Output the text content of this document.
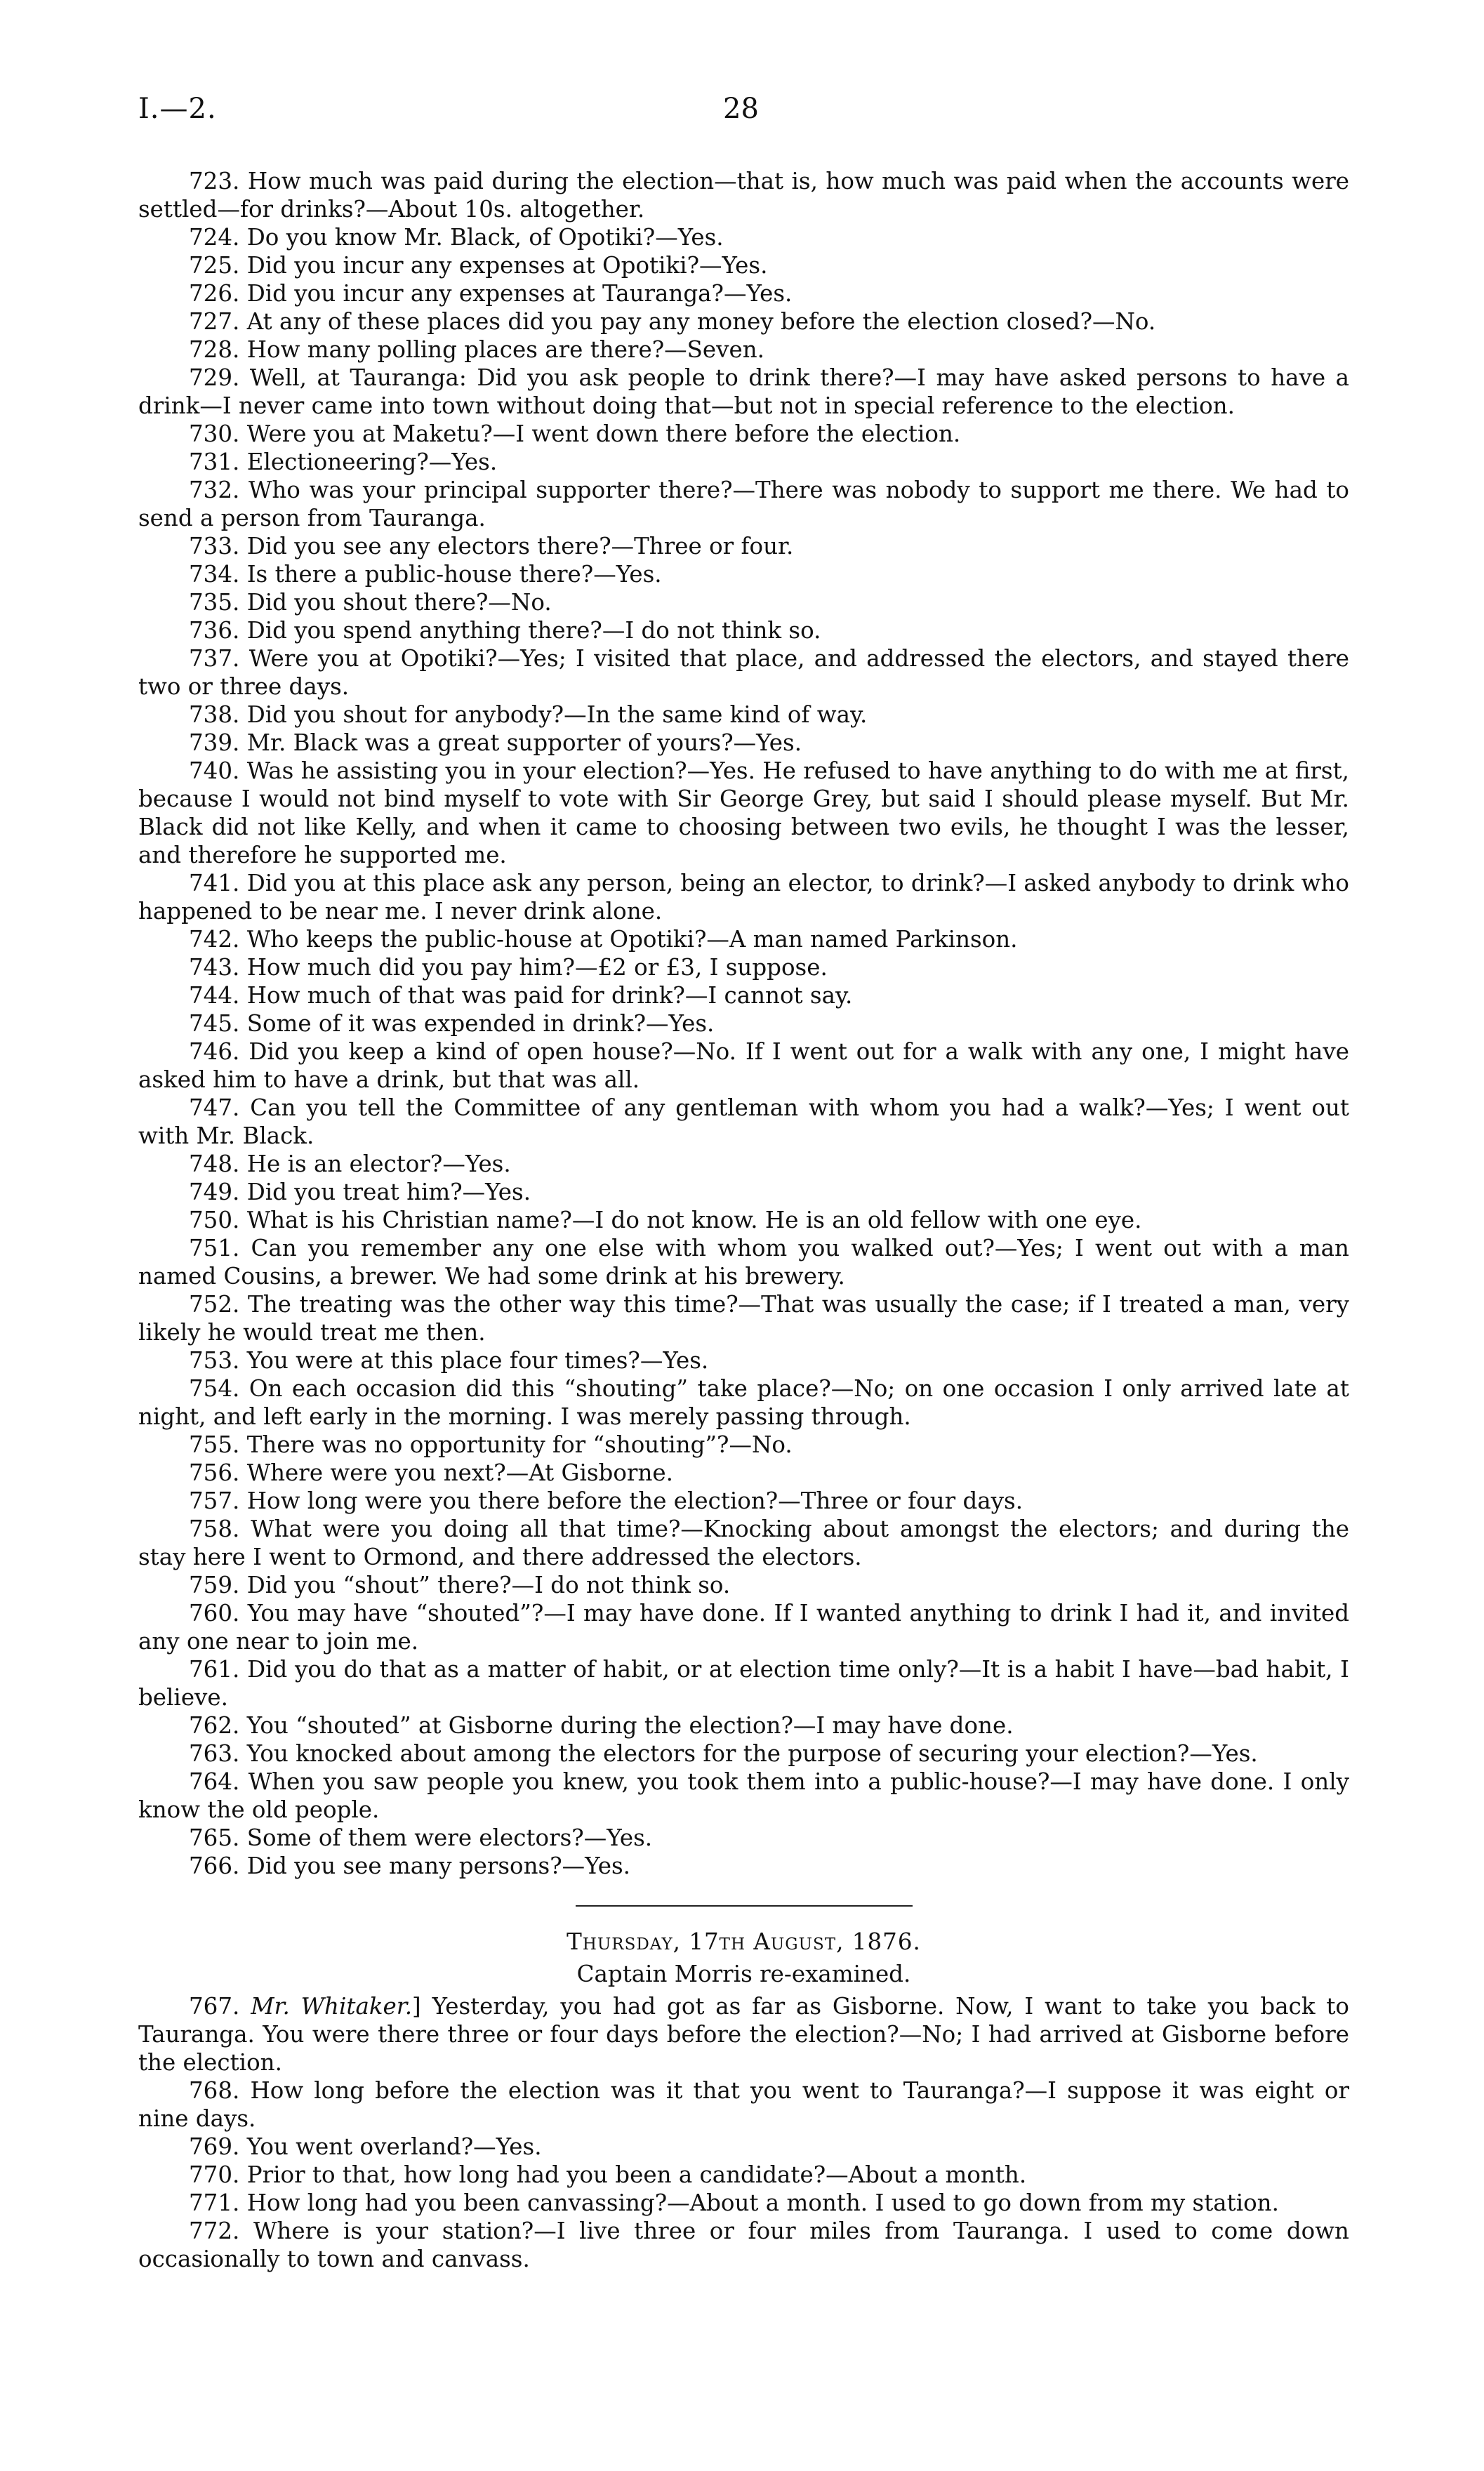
I.—2.	28

723. How much was paid during the election—that is, how much was paid when the accounts were settled—for drinks?—About 10s. altogether.

724. Do you know Mr. Black, of Opotiki?—Yes.

725. Did you incur any expenses at Opotiki?—Yes.

726. Did you incur any expenses at Tauranga?—Yes.

727. At any of these places did you pay any money before the election closed?—No.

728. How many polling places are there?—Seven.

729. Well, at Tauranga: Did you ask people to drink there?—I may have asked persons to have a drink—I never came into town without doing that—but not in special reference to the election.

730. Were you at Maketu?—I went down there before the election.

731. Electioneering?—Yes.

732. Who was your principal supporter there?—There was nobody to support me there. We had to send a person from Tauranga.

733. Did you see any electors there?—Three or four.

734. Is there a public-house there?—Yes.

735. Did you shout there?—No.

736. Did you spend anything there?—I do not think so.

737. Were you at Opotiki?—Yes; I visited that place, and addressed the electors, and stayed there two or three days.

738. Did you shout for anybody?—In the same kind of way.

739. Mr. Black was a great supporter of yours?—Yes.

740. Was he assisting you in your election?—Yes. He refused to have anything to do with me at first, because I would not bind myself to vote with Sir George Grey, but said I should please myself. But Mr. Black did not like Kelly, and when it came to choosing between two evils, he thought I was the lesser, and therefore he supported me.

741. Did you at this place ask any person, being an elector, to drink?—I asked anybody to drink who happened to be near me. I never drink alone.

742. Who keeps the public-house at Opotiki?—A man named Parkinson.

743. How much did you pay him?—£2 or £3, I suppose.

744. How much of that was paid for drink?—I cannot say.

745. Some of it was expended in drink?—Yes.

746. Did you keep a kind of open house?—No. If I went out for a walk with any one, I might have asked him to have a drink, but that was all.

747. Can you tell the Committee of any gentleman with whom you had a walk?—Yes; I went out with Mr. Black.

748. He is an elector?—Yes.

749. Did you treat him?—Yes.

750. What is his Christian name?—I do not know. He is an old fellow with one eye.

751. Can you remember any one else with whom you walked out?—Yes; I went out with a man named Cousins, a brewer. We had some drink at his brewery.

752. The treating was the other way this time?—That was usually the case; if I treated a man, very likely he would treat me then.

753. You were at this place four times?—Yes.

754. On each occasion did this “shouting” take place?—No; on one occasion I only arrived late at night, and left early in the morning. I was merely passing through.

755. There was no opportunity for “shouting”?—No.

756. Where were you next?—At Gisborne.

757. How long were you there before the election?—Three or four days.

758. What were you doing all that time?—Knocking about amongst the electors; and during the stay here I went to Ormond, and there addressed the electors.

759. Did you “shout” there?—I do not think so.

760. You may have “shouted”?—I may have done. If I wanted anything to drink I had it, and invited any one near to join me.

761. Did you do that as a matter of habit, or at election time only?—It is a habit I have—bad habit, I believe.

762. You “shouted” at Gisborne during the election?—I may have done.

763. You knocked about among the electors for the purpose of securing your election?—Yes.

764. When you saw people you knew, you took them into a public-house?—I may have done. I only know the old people.

765. Some of them were electors?—Yes.

766. Did you see many persons?—Yes.

Thursday, 17th August, 1876.

Captain Morris re-examined.

767. Mr. Whitaker.] Yesterday, you had got as far as Gisborne. Now, I want to take you back to Tauranga. You were there three or four days before the election?—No; I had arrived at Gisborne before the election.

768. How long before the election was it that you went to Tauranga?—I suppose it was eight or nine days.

769. You went overland?—Yes.

770. Prior to that, how long had you been a candidate?—About a month.

771. How long had you been canvassing?—About a month. I used to go down from my station.

772. Where is your station?—I live three or four miles from Tauranga. I used to come down occasionally to town and canvass.
